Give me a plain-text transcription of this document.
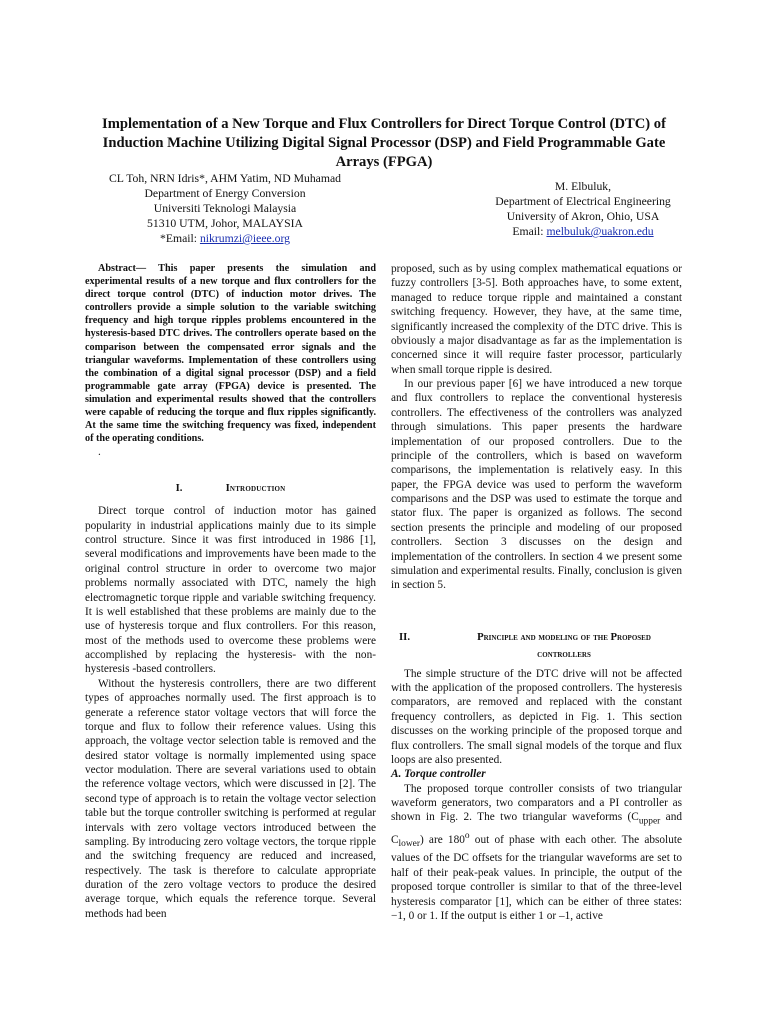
Implementation of a New Torque and Flux Controllers for Direct Torque Control (DTC) of Induction Machine Utilizing Digital Signal Processor (DSP) and Field Programmable Gate Arrays (FPGA)
CL Toh, NRN Idris*, AHM Yatim, ND Muhamad
Department of Energy Conversion
Universiti Teknologi Malaysia
51310 UTM, Johor, MALAYSIA
*Email: nikrumzi@ieee.org
M. Elbuluk,
Department of Electrical Engineering
University of Akron, Ohio, USA
Email: melbuluk@uakron.edu

Abstract— This paper presents the simulation and experimental results of a new torque and flux controllers for the direct torque control (DTC) of induction motor drives. The controllers provide a simple solution to the variable switching frequency and high torque ripples problems encountered in the hysteresis-based DTC drives. The controllers operate based on the comparison between the compensated error signals and the triangular waveforms. Implementation of these controllers using the combination of a digital signal processor (DSP) and a field programmable gate array (FPGA) device is presented. The simulation and experimental results showed that the controllers were capable of reducing the torque and flux ripples significantly. At the same time the switching frequency was fixed, independent of the operating conditions.

.

I.	Introduction

Direct torque control of induction motor has gained popularity in industrial applications mainly due to its simple control structure. Since it was first introduced in 1986 [1], several modifications and improvements have been made to the original control structure in order to overcome two major problems normally associated with DTC, namely the high electromagnetic torque ripple and variable switching frequency. It is well established that these problems are mainly due to the use of hysteresis torque and flux controllers. For this reason, most of the methods used to overcome these problems were accomplished by replacing the hysteresis- with the non-hysteresis -based controllers.

Without the hysteresis controllers, there are two different types of approaches normally used. The first approach is to generate a reference stator voltage vectors that will force the torque and flux to follow their reference values. Using this approach, the voltage vector selection table is removed and the desired stator voltage is normally implemented using space vector modulation. There are several variations used to obtain the reference voltage vectors, which were discussed in [2]. The second type of approach is to retain the voltage vector selection table but the torque controller switching is performed at regular intervals with zero voltage vectors introduced between the sampling. By introducing zero voltage vectors, the torque ripple and the switching frequency are reduced and increased, respectively. The task is therefore to calculate appropriate duration of the zero voltage vectors to produce the desired average torque, which equals the reference torque. Several methods had been

proposed, such as by using complex mathematical equations or fuzzy controllers [3-5]. Both approaches have, to some extent, managed to reduce torque ripple and maintained a constant switching frequency. However, they have, at the same time, significantly increased the complexity of the DTC drive. This is obviously a major disadvantage as far as the implementation is concerned since it will require faster processor, particularly when small torque ripple is desired.

In our previous paper [6] we have introduced a new torque and flux controllers to replace the conventional hysteresis controllers. The effectiveness of the controllers was analyzed through simulations. This paper presents the hardware implementation of our proposed controllers. Due to the principle of the controllers, which is based on waveform comparisons, the implementation is relatively easy. In this paper, the FPGA device was used to perform the waveform comparisons and the DSP was used to estimate the torque and stator flux. The paper is organized as follows. The second section presents the principle and modeling of our proposed controllers. Section 3 discusses on the design and implementation of the controllers. In section 4 we present some simulation and experimental results. Finally, conclusion is given in section 5.

II.	Principle and modeling of the Proposed
controllers

The simple structure of the DTC drive will not be affected with the application of the proposed controllers. The hysteresis comparators, are removed and replaced with the constant frequency controllers, as depicted in Fig. 1. This section discusses on the working principle of the proposed torque and flux controllers. The small signal models of the torque and flux loops are also presented.

A. Torque controller

The proposed torque controller consists of two triangular waveform generators, two comparators and a PI controller as shown in Fig. 2. The two triangular waveforms ($C_{upper}$ and $C_{lower}$) are 180$^o$ out of phase with each other. The absolute values of the DC offsets for the triangular waveforms are set to half of their peak-peak values. In principle, the output of the proposed torque controller is similar to that of the three-level hysteresis comparator [1], which can be either of three states: −1, 0 or 1. If the output is either 1 or –1, active
